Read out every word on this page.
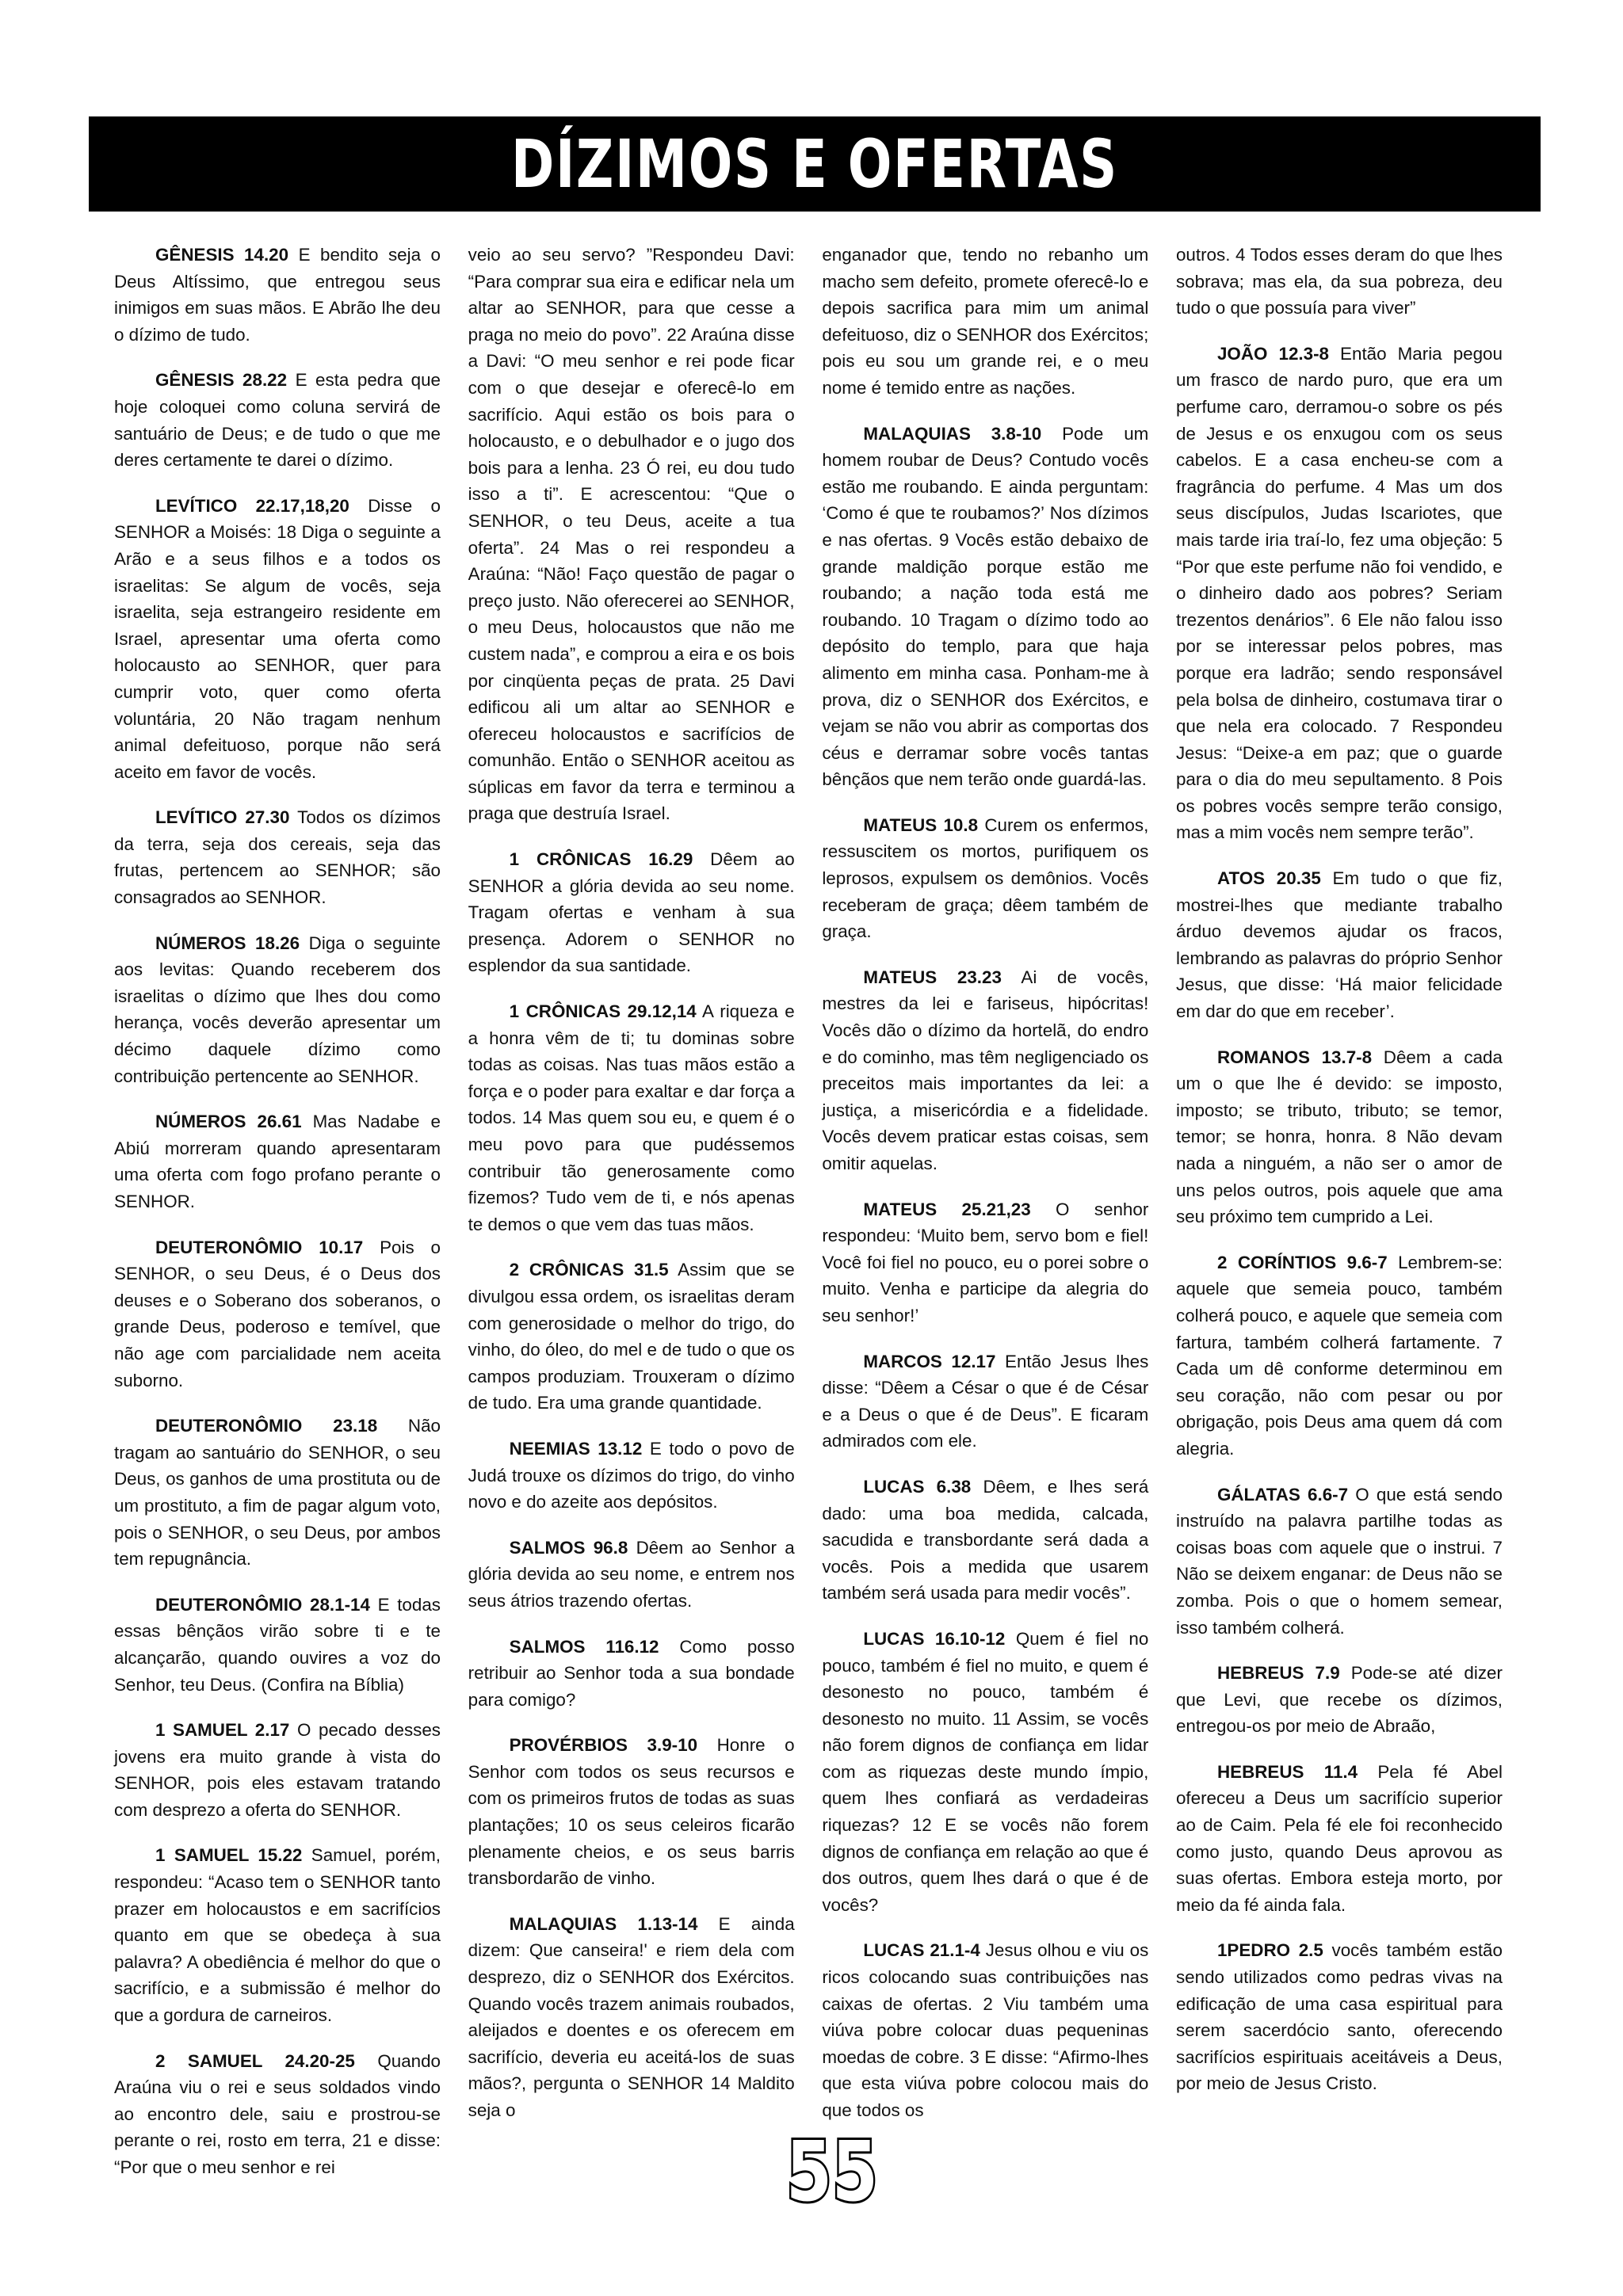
DÍZIMOS E OFERTAS

GÊNESIS 14.20 E bendito seja o Deus Altíssimo, que entregou seus inimigos em suas mãos. E Abrão lhe deu o dízimo de tudo.

GÊNESIS 28.22 E esta pedra que hoje coloquei como coluna servirá de santuário de Deus; e de tudo o que me deres certamente te darei o dízimo.

LEVÍTICO 22.17,18,20 Disse o SENHOR a Moisés: 18 Diga o seguinte a Arão e a seus filhos e a todos os israelitas: Se algum de vocês, seja israelita, seja estrangeiro residente em Israel, apresentar uma oferta como holocausto ao SENHOR, quer para cumprir voto, quer como oferta voluntária, 20 Não tragam nenhum animal defeituoso, porque não será aceito em favor de vocês.

LEVÍTICO 27.30 Todos os dízimos da terra, seja dos cereais, seja das frutas, pertencem ao SENHOR; são consagrados ao SENHOR.

NÚMEROS 18.26 Diga o seguinte aos levitas: Quando receberem dos israelitas o dízimo que lhes dou como herança, vocês deverão apresentar um décimo daquele dízimo como contribuição pertencente ao SENHOR.

NÚMEROS 26.61 Mas Nadabe e Abiú morreram quando apresentaram uma oferta com fogo profano perante o SENHOR.

DEUTERONÔMIO 10.17 Pois o SENHOR, o seu Deus, é o Deus dos deuses e o Soberano dos soberanos, o grande Deus, poderoso e temível, que não age com parcialidade nem aceita suborno.

DEUTERONÔMIO 23.18 Não tragam ao santuário do SENHOR, o seu Deus, os ganhos de uma prostituta ou de um prostituto, a fim de pagar algum voto, pois o SENHOR, o seu Deus, por ambos tem repugnância.

DEUTERONÔMIO 28.1-14 E todas essas bênçãos virão sobre ti e te alcançarão, quando ouvires a voz do Senhor, teu Deus. (Confira na Bíblia)

1 SAMUEL 2.17 O pecado desses jovens era muito grande à vista do SENHOR, pois eles estavam tratando com desprezo a oferta do SENHOR.

1 SAMUEL 15.22 Samuel, porém, respondeu: “Acaso tem o SENHOR tanto prazer em holocaustos e em sacrifícios quanto em que se obedeça à sua palavra? A obediência é melhor do que o sacrifício, e a submissão é melhor do que a gordura de carneiros.

2 SAMUEL 24.20-25 Quando Araúna viu o rei e seus soldados vindo ao encontro dele, saiu e prostrou-se perante o rei, rosto em terra, 21 e disse: “Por que o meu senhor e rei

veio ao seu servo? ”Respondeu Davi: “Para comprar sua eira e edificar nela um altar ao SENHOR, para que cesse a praga no meio do povo”. 22 Araúna disse a Davi: “O meu senhor e rei pode ficar com o que desejar e oferecê-lo em sacrifício. Aqui estão os bois para o holocausto, e o debulhador e o jugo dos bois para a lenha. 23 Ó rei, eu dou tudo isso a ti”. E acrescentou: “Que o SENHOR, o teu Deus, aceite a tua oferta”. 24 Mas o rei respondeu a Araúna: “Não! Faço questão de pagar o preço justo. Não oferecerei ao SENHOR, o meu Deus, holocaustos que não me custem nada”, e comprou a eira e os bois por cinqüenta peças de prata. 25 Davi edificou ali um altar ao SENHOR e ofereceu holocaustos e sacrifícios de comunhão. Então o SENHOR aceitou as súplicas em favor da terra e terminou a praga que destruía Israel.

1 CRÔNICAS 16.29 Dêem ao SENHOR a glória devida ao seu nome. Tragam ofertas e venham à sua presença. Adorem o SENHOR no esplendor da sua santidade.

1 CRÔNICAS 29.12,14 A riqueza e a honra vêm de ti; tu dominas sobre todas as coisas. Nas tuas mãos estão a força e o poder para exaltar e dar força a todos. 14 Mas quem sou eu, e quem é o meu povo para que pudéssemos contribuir tão generosamente como fizemos? Tudo vem de ti, e nós apenas te demos o que vem das tuas mãos.

2 CRÔNICAS 31.5 Assim que se divulgou essa ordem, os israelitas deram com generosidade o melhor do trigo, do vinho, do óleo, do mel e de tudo o que os campos produziam. Trouxeram o dízimo de tudo. Era uma grande quantidade.

NEEMIAS 13.12 E todo o povo de Judá trouxe os dízimos do trigo, do vinho novo e do azeite aos depósitos.

SALMOS 96.8 Dêem ao Senhor a glória devida ao seu nome, e entrem nos seus átrios trazendo ofertas.

SALMOS 116.12 Como posso retribuir ao Senhor toda a sua bondade para comigo?

PROVÉRBIOS 3.9-10 Honre o Senhor com todos os seus recursos e com os primeiros frutos de todas as suas plantações; 10 os seus celeiros ficarão plenamente cheios, e os seus barris transbordarão de vinho.

MALAQUIAS 1.13-14 E ainda dizem: Que canseira!' e riem dela com desprezo, diz o SENHOR dos Exércitos. Quando vocês trazem animais roubados, aleijados e doentes e os oferecem em sacrifício, deveria eu aceitá-los de suas mãos?, pergunta o SENHOR 14 Maldito seja o

enganador que, tendo no rebanho um macho sem defeito, promete oferecê-lo e depois sacrifica para mim um animal defeituoso, diz o SENHOR dos Exércitos; pois eu sou um grande rei, e o meu nome é temido entre as nações.

MALAQUIAS 3.8-10 Pode um homem roubar de Deus? Contudo vocês estão me roubando. E ainda perguntam: ‘Como é que te roubamos?’ Nos dízimos e nas ofertas. 9 Vocês estão debaixo de grande maldição porque estão me roubando; a nação toda está me roubando. 10 Tragam o dízimo todo ao depósito do templo, para que haja alimento em minha casa. Ponham-me à prova, diz o SENHOR dos Exércitos, e vejam se não vou abrir as comportas dos céus e derramar sobre vocês tantas bênçãos que nem terão onde guardá-las.

MATEUS 10.8 Curem os enfermos, ressuscitem os mortos, purifiquem os leprosos, expulsem os demônios. Vocês receberam de graça; dêem também de graça.

MATEUS 23.23 Ai de vocês, mestres da lei e fariseus, hipócritas! Vocês dão o dízimo da hortelã, do endro e do cominho, mas têm negligenciado os preceitos mais importantes da lei: a justiça, a misericórdia e a fidelidade. Vocês devem praticar estas coisas, sem omitir aquelas.

MATEUS 25.21,23 O senhor respondeu: ‘Muito bem, servo bom e fiel! Você foi fiel no pouco, eu o porei sobre o muito. Venha e participe da alegria do seu senhor!’

MARCOS 12.17 Então Jesus lhes disse: “Dêem a César o que é de César e a Deus o que é de Deus”. E ficaram admirados com ele.

LUCAS 6.38 Dêem, e lhes será dado: uma boa medida, calcada, sacudida e transbordante será dada a vocês. Pois a medida que usarem também será usada para medir vocês”.

LUCAS 16.10-12 Quem é fiel no pouco, também é fiel no muito, e quem é desonesto no pouco, também é desonesto no muito. 11 Assim, se vocês não forem dignos de confiança em lidar com as riquezas deste mundo ímpio, quem lhes confiará as verdadeiras riquezas? 12 E se vocês não forem dignos de confiança em relação ao que é dos outros, quem lhes dará o que é de vocês?

LUCAS 21.1-4 Jesus olhou e viu os ricos colocando suas contribuições nas caixas de ofertas. 2 Viu também uma viúva pobre colocar duas pequeninas moedas de cobre. 3 E disse: “Afirmo-lhes que esta viúva pobre colocou mais do que todos os

outros. 4 Todos esses deram do que lhes sobrava; mas ela, da sua pobreza, deu tudo o que possuía para viver”

JOÃO 12.3-8 Então Maria pegou um frasco de nardo puro, que era um perfume caro, derramou-o sobre os pés de Jesus e os enxugou com os seus cabelos. E a casa encheu-se com a fragrância do perfume. 4 Mas um dos seus discípulos, Judas Iscariotes, que mais tarde iria traí-lo, fez uma objeção: 5 “Por que este perfume não foi vendido, e o dinheiro dado aos pobres? Seriam trezentos denários”. 6 Ele não falou isso por se interessar pelos pobres, mas porque era ladrão; sendo responsável pela bolsa de dinheiro, costumava tirar o que nela era colocado. 7 Respondeu Jesus: “Deixe-a em paz; que o guarde para o dia do meu sepultamento. 8 Pois os pobres vocês sempre terão consigo, mas a mim vocês nem sempre terão”.

ATOS 20.35 Em tudo o que fiz, mostrei-lhes que mediante trabalho árduo devemos ajudar os fracos, lembrando as palavras do próprio Senhor Jesus, que disse: ‘Há maior felicidade em dar do que em receber’.

ROMANOS 13.7-8 Dêem a cada um o que lhe é devido: se imposto, imposto; se tributo, tributo; se temor, temor; se honra, honra. 8 Não devam nada a ninguém, a não ser o amor de uns pelos outros, pois aquele que ama seu próximo tem cumprido a Lei.

2 CORÍNTIOS 9.6-7 Lembrem-se: aquele que semeia pouco, também colherá pouco, e aquele que semeia com fartura, também colherá fartamente. 7 Cada um dê conforme determinou em seu coração, não com pesar ou por obrigação, pois Deus ama quem dá com alegria.

GÁLATAS 6.6-7 O que está sendo instruído na palavra partilhe todas as coisas boas com aquele que o instrui. 7 Não se deixem enganar: de Deus não se zomba. Pois o que o homem semear, isso também colherá.

HEBREUS 7.9 Pode-se até dizer que Levi, que recebe os dízimos, entregou-os por meio de Abraão,

HEBREUS 11.4 Pela fé Abel ofereceu a Deus um sacrifício superior ao de Caim. Pela fé ele foi reconhecido como justo, quando Deus aprovou as suas ofertas. Embora esteja morto, por meio da fé ainda fala.

1PEDRO 2.5 vocês também estão sendo utilizados como pedras vivas na edificação de uma casa espiritual para serem sacerdócio santo, oferecendo sacrifícios espirituais aceitáveis a Deus, por meio de Jesus Cristo.

55
